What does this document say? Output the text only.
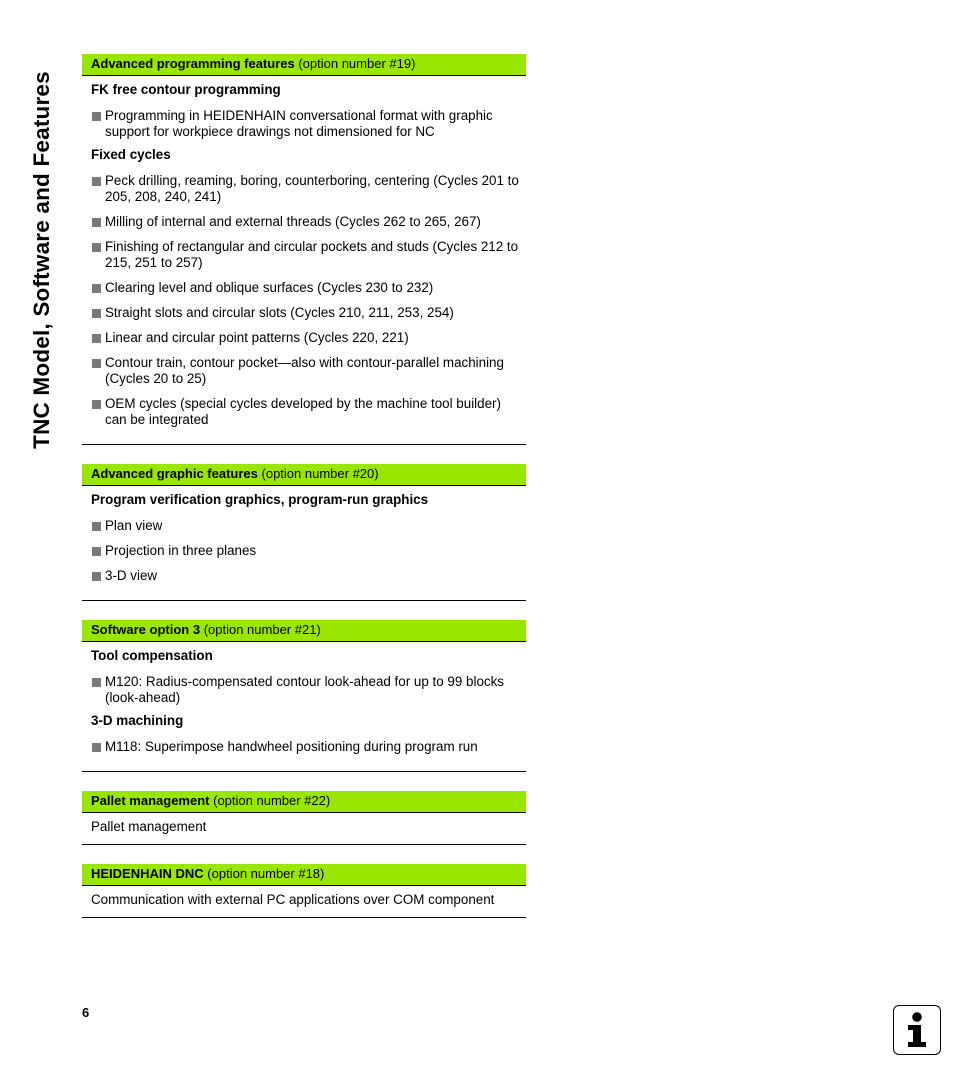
TNC Model, Software and Features
Advanced programming features (option number #19)
FK free contour programming
Programming in HEIDENHAIN conversational format with graphic support for workpiece drawings not dimensioned for NC
Fixed cycles
Peck drilling, reaming, boring, counterboring, centering (Cycles 201 to 205, 208, 240, 241)
Milling of internal and external threads (Cycles 262 to 265, 267)
Finishing of rectangular and circular pockets and studs (Cycles 212 to 215, 251 to 257)
Clearing level and oblique surfaces (Cycles 230 to 232)
Straight slots and circular slots (Cycles 210, 211, 253, 254)
Linear and circular point patterns (Cycles 220, 221)
Contour train, contour pocket—also with contour-parallel machining (Cycles 20 to 25)
OEM cycles (special cycles developed by the machine tool builder) can be integrated
Advanced graphic features (option number #20)
Program verification graphics, program-run graphics
Plan view
Projection in three planes
3-D view
Software option 3 (option number #21)
Tool compensation
M120: Radius-compensated contour look-ahead for up to 99 blocks (look-ahead)
3-D machining
M118: Superimpose handwheel positioning during program run
Pallet management (option number #22)
Pallet management
HEIDENHAIN DNC (option number #18)
Communication with external PC applications over COM component
6
